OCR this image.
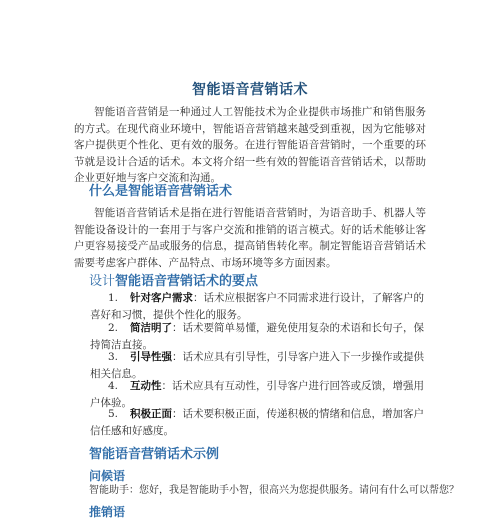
智能语音营销话术
智能语音营销是一种通过人工智能技术为企业提供市场推广和销售服务的方式。在现代商业环境中，智能语音营销越来越受到重视，因为它能够对客户提供更个性化、更有效的服务。在进行智能语音营销时，一个重要的环节就是设计合适的话术。本文将介绍一些有效的智能语音营销话术，以帮助企业更好地与客户交流和沟通。
什么是智能语音营销话术
智能语音营销话术是指在进行智能语音营销时，为语音助手、机器人等智能设备设计的一套用于与客户交流和推销的语言模式。好的话术能够让客户更容易接受产品或服务的信息，提高销售转化率。制定智能语音营销话术需要考虑客户群体、产品特点、市场环境等多方面因素。
设计智能语音营销话术的要点
1. 针对客户需求：话术应根据客户不同需求进行设计，了解客户的喜好和习惯，提供个性化的服务。
2. 简洁明了：话术要简单易懂，避免使用复杂的术语和长句子，保持简洁直接。
3. 引导性强：话术应具有引导性，引导客户进入下一步操作或提供相关信息。
4. 互动性：话术应具有互动性，引导客户进行回答或反馈，增强用户体验。
5. 积极正面：话术要积极正面，传递积极的情绪和信息，增加客户信任感和好感度。
智能语音营销话术示例
问候语
智能助手：您好，我是智能助手小智，很高兴为您提供服务。请问有什么可以帮您？
推销语
